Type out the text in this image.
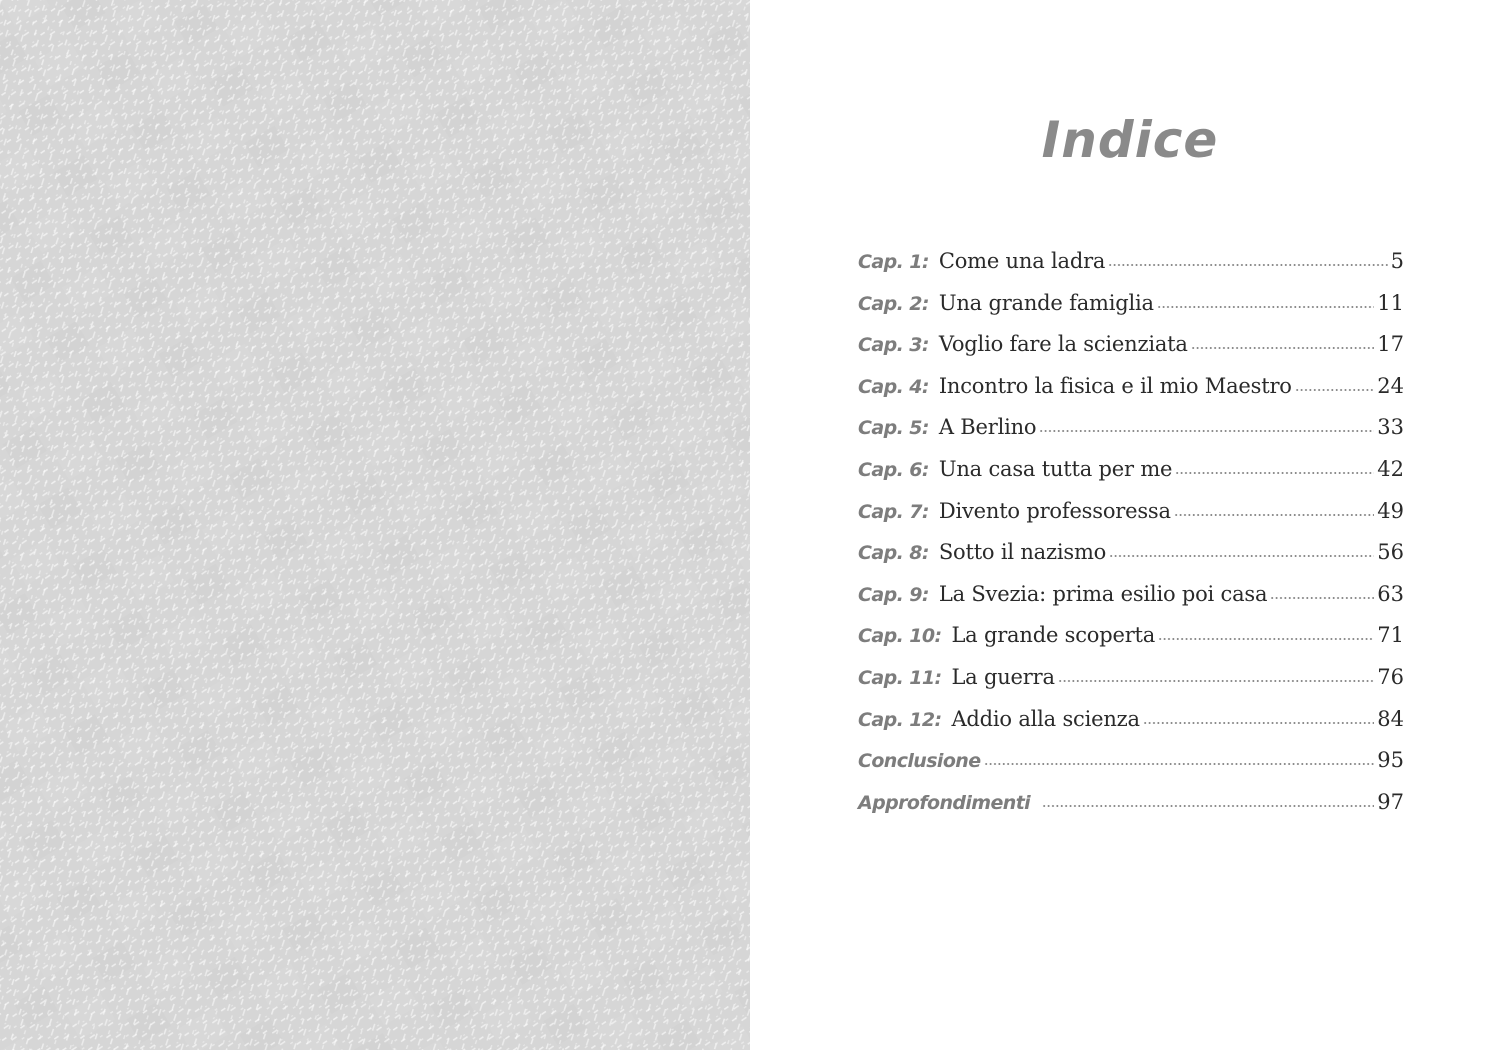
Indice
Cap. 1: Come una ladra	5
Cap. 2: Una grande famiglia	11
Cap. 3: Voglio fare la scienziata	17
Cap. 4: Incontro la fisica e il mio Maestro	24
Cap. 5: A Berlino	33
Cap. 6: Una casa tutta per me	42
Cap. 7: Divento professoressa	49
Cap. 8: Sotto il nazismo	56
Cap. 9: La Svezia: prima esilio poi casa	63
Cap. 10: La grande scoperta	71
Cap. 11: La guerra	76
Cap. 12: Addio alla scienza	84
Conclusione	95
Approfondimenti	97
